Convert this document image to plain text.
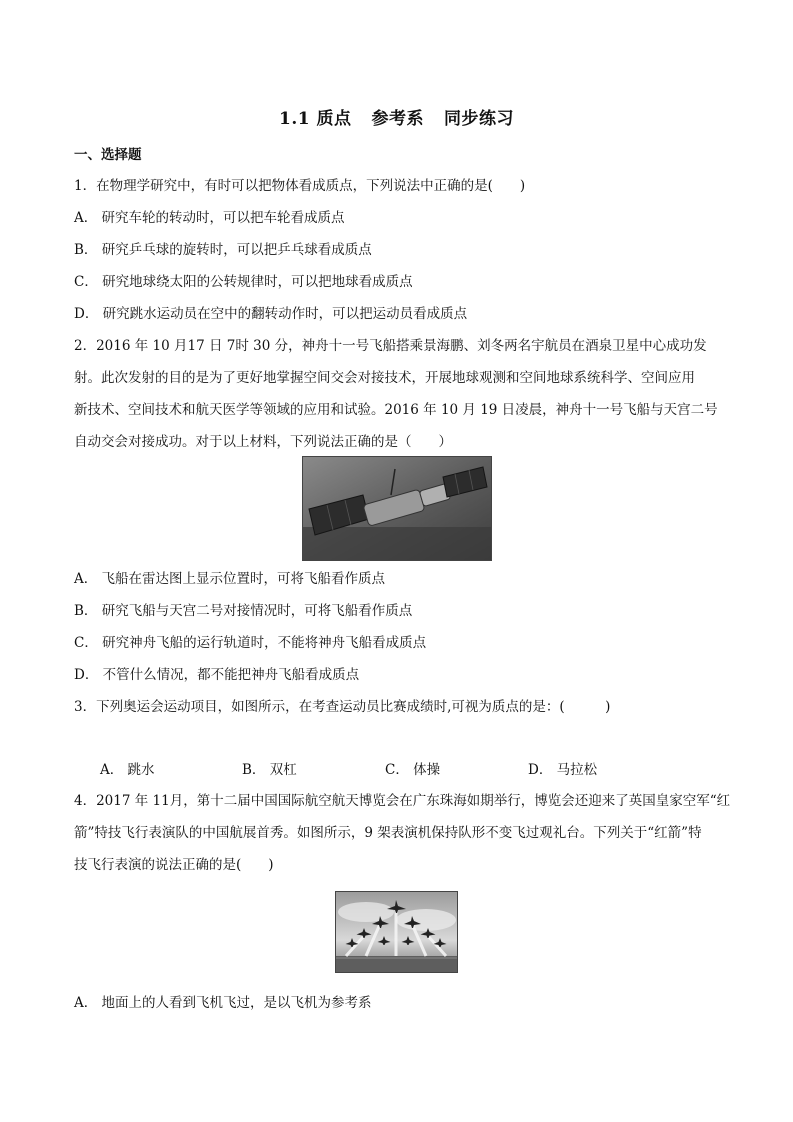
1.1 质点 参考系 同步练习
一、选择题
1．在物理学研究中，有时可以把物体看成质点，下列说法中正确的是(　　)
A． 研究车轮的转动时，可以把车轮看成质点
B． 研究乒乓球的旋转时，可以把乒乓球看成质点
C． 研究地球绕太阳的公转规律时，可以把地球看成质点
D． 研究跳水运动员在空中的翻转动作时，可以把运动员看成质点
2．2016 年 10 月17 日 7时 30 分，神舟十一号飞船搭乘景海鹏、刘冬两名宇航员在酒泉卫星中心成功发
射。此次发射的目的是为了更好地掌握空间交会对接技术，开展地球观测和空间地球系统科学、空间应用
新技术、空间技术和航天医学等领域的应用和试验。2016 年 10 月 19 日凌晨，神舟十一号飞船与天宫二号
自动交会对接成功。对于以上材料，下列说法正确的是（　　）
A． 飞船在雷达图上显示位置时，可将飞船看作质点
B． 研究飞船与天宫二号对接情况时，可将飞船看作质点
C． 研究神舟飞船的运行轨道时，不能将神舟飞船看成质点
D． 不管什么情况，都不能把神舟飞船看成质点
3．下列奥运会运动项目，如图所示，在考查运动员比赛成绩时,可视为质点的是：(　　　)
A． 跳水	B． 双杠	C． 体操	D． 马拉松
4．2017 年 11月，第十二届中国国际航空航天博览会在广东珠海如期举行，博览会还迎来了英国皇家空军“红
箭”特技飞行表演队的中国航展首秀。如图所示，9 架表演机保持队形不变飞过观礼台。下列关于“红箭”特
技飞行表演的说法正确的是(　　)
A． 地面上的人看到飞机飞过，是以飞机为参考系
